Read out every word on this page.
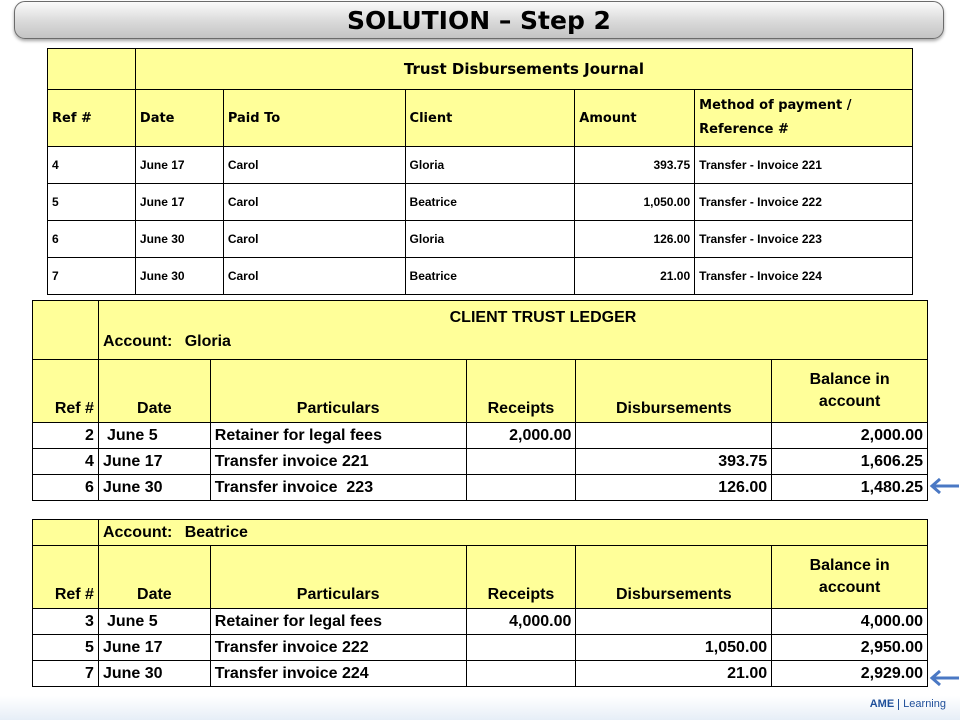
SOLUTION – Step 2
	Trust Disbursements Journal				
Ref #	Date	Paid To	Client	Amount	Method of payment / Reference #
4	June 17	Carol	Gloria	393.75	Transfer - Invoice 221
5	June 17	Carol	Beatrice	1,050.00	Transfer - Invoice 222
6	June 30	Carol	Gloria	126.00	Transfer - Invoice 223
7	June 30	Carol	Beatrice	21.00	Transfer - Invoice 224

	CLIENT TRUST LEDGER
Account: Gloria				

Ref #	Date	Particulars	Receipts	Disbursements	Balance in
account

2	June 5	Retainer for legal fees	2,000.00		2,000.00
4	June 17	Transfer invoice 221		393.75	1,606.25
6	June 30	Transfer invoice  223		126.00	1,480.25
	Account: Beatrice				
Ref #	Date	Particulars	Receipts	Disbursements	Balance in
account

3	June 5	Retainer for legal fees	4,000.00		4,000.00
5	June 17	Transfer invoice 222		1,050.00	2,950.00
7	June 30	Transfer invoice 224		21.00	2,929.00
AME Learning
